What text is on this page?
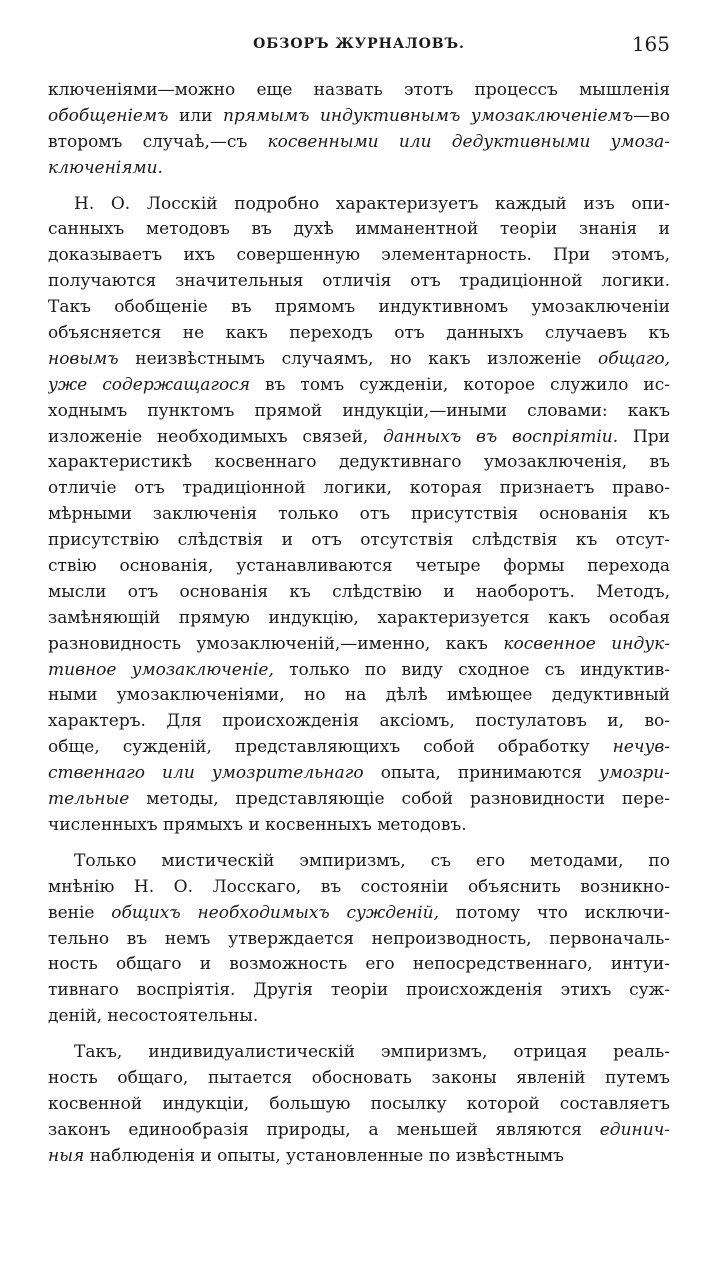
ОБЗОРЪ ЖУРНАЛОВЪ.	165
ключеніями—можно еще назвать этотъ процессъ мышленія
обобщеніемъ или прямымъ индуктивнымъ умозаключеніемъ—во
второмъ случаѣ,—съ косвенными или дедуктивными умоза-
ключеніями.
Н. О. Лосскій подробно характеризуетъ каждый изъ опи-
санныхъ методовъ въ духѣ имманентной теоріи знанія и
доказываетъ ихъ совершенную элементарность. При этомъ,
получаются значительныя отличія отъ традиціонной логики.
Такъ обобщеніе въ прямомъ индуктивномъ умозаключеніи
объясняется не какъ переходъ отъ данныхъ случаевъ къ
новымъ неизвѣстнымъ случаямъ, но какъ изложеніе общаго,
уже содержащагося въ томъ сужденіи, которое служило ис-
ходнымъ пунктомъ прямой индукціи,—иными словами: какъ
изложеніе необходимыхъ связей, данныхъ въ воспріятіи. При
характеристикѣ косвеннаго дедуктивнаго умозаключенія, въ
отличіе отъ традиціонной логики, которая признаетъ право-
мѣрными заключенія только отъ присутствія основанія къ
присутствію слѣдствія и отъ отсутствія слѣдствія къ отсут-
ствію основанія, устанавливаются четыре формы перехода
мысли отъ основанія къ слѣдствію и наоборотъ. Методъ,
замѣняющій прямую индукцію, характеризуется какъ особая
разновидность умозаключеній,—именно, какъ косвенное индук-
тивное умозаключеніе, только по виду сходное съ индуктив-
ными умозаключеніями, но на дѣлѣ имѣющее дедуктивный
характеръ. Для происхожденія аксіомъ, постулатовъ и, во-
обще, сужденій, представляющихъ собой обработку нечув-
ственнаго или умозрительнаго опыта, принимаются умозри-
тельные методы, представляющіе собой разновидности пере-
численныхъ прямыхъ и косвенныхъ методовъ.
Только мистическій эмпиризмъ, съ его методами, по
мнѣнію Н. О. Лосскаго, въ состояніи объяснить возникно-
веніе общихъ необходимыхъ сужденій, потому что исключи-
тельно въ немъ утверждается непроизводность, первоначаль-
ность общаго и возможность его непосредственнаго, интуи-
тивнаго воспріятія. Другія теоріи происхожденія этихъ суж-
деній, несостоятельны.
Такъ, индивидуалистическій эмпиризмъ, отрицая реаль-
ность общаго, пытается обосновать законы явленій путемъ
косвенной индукціи, большую посылку которой составляетъ
законъ единообразія природы, а меньшей являются единич-
ныя наблюденія и опыты, установленные по извѣстнымъ
